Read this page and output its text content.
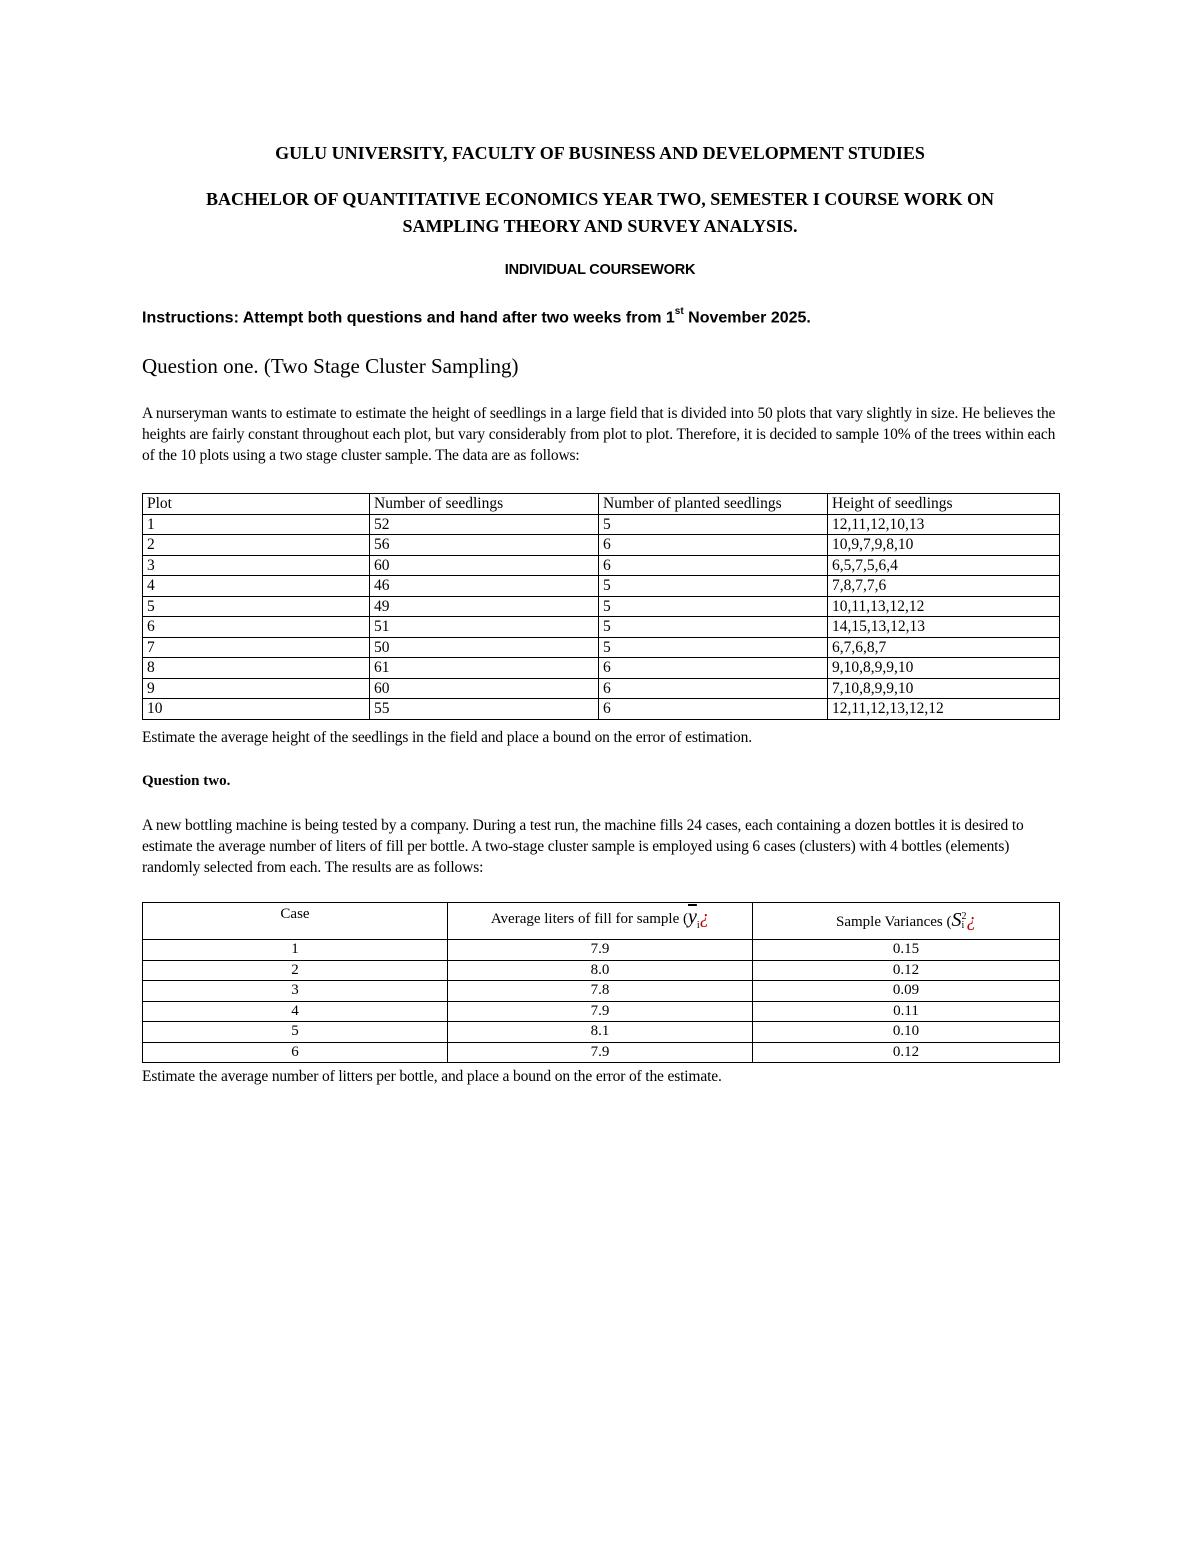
GULU UNIVERSITY, FACULTY OF BUSINESS AND DEVELOPMENT STUDIES

BACHELOR OF QUANTITATIVE ECONOMICS YEAR TWO, SEMESTER I COURSE WORK ON

SAMPLING THEORY AND SURVEY ANALYSIS.

INDIVIDUAL COURSEWORK

Instructions: Attempt both questions and hand after two weeks from 1st November 2025.

Question one. (Two Stage Cluster Sampling)

A nurseryman wants to estimate to estimate the height of seedlings in a large field that is divided into 50 plots that vary slightly in size. He believes the heights are fairly constant throughout each plot, but vary considerably from plot to plot. Therefore, it is decided to sample 10% of the trees within each of the 10 plots using a two stage cluster sample. The data are as follows:

Plot	Number of seedlings	Number of planted seedlings	Height of seedlings
1	52	5	12,11,12,10,13
2	56	6	10,9,7,9,8,10
3	60	6	6,5,7,5,6,4
4	46	5	7,8,7,7,6
5	49	5	10,11,13,12,12
6	51	5	14,15,13,12,13
7	50	5	6,7,6,8,7
8	61	6	9,10,8,9,9,10
9	60	6	7,10,8,9,9,10
10	55	6	12,11,12,13,12,12

Estimate the average height of the seedlings in the field and place a bound on the error of estimation.

Question two.

A new bottling machine is being tested by a company. During a test run, the machine fills 24 cases, each containing a dozen bottles it is desired to estimate the average number of liters of fill per bottle. A two-stage cluster sample is employed using 6 cases (clusters) with 4 bottles (elements) randomly selected from each. The results are as follows:

Case	Average liters of fill for sample ($\overline{y}_i¿$	Sample Variances (S 2
i ¿
1	7.9	0.15
2	8.0	0.12
3	7.8	0.09
4	7.9	0.11
5	8.1	0.10
6	7.9	0.12

Estimate the average number of litters per bottle, and place a bound on the error of the estimate.
